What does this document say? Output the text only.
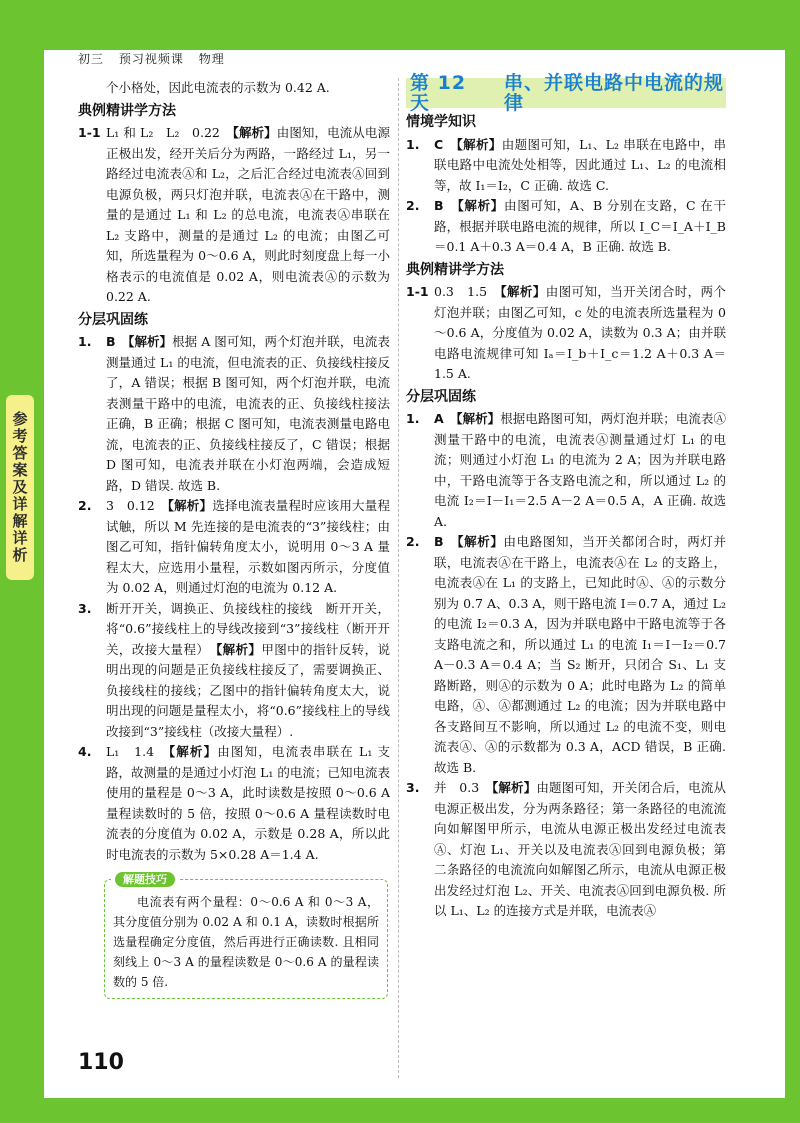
初三 预习视频课 物理
参考答案及详解详析

个小格处，因此电流表的示数为 0.42 A.

典例精讲学方法
1-1 L₁ 和 L₂　L₂　0.22　 【解析】由图知，电流从电源正极出发，经开关后分为两路，一路经过 L₁，另一路经过电流表Ⓐ和 L₂，之后汇合经过电流表Ⓐ回到电源负极，两只灯泡并联，电流表Ⓐ在干路中，测量的是通过 L₁ 和 L₂ 的总电流，电流表Ⓐ串联在 L₂ 支路中，测量的是通过 L₂ 的电流；由图乙可知，所选量程为 0～0.6 A，则此时刻度盘上每一小格表示的电流值是 0.02 A，则电流表Ⓐ的示数为 0.22 A.
分层巩固练
1.	B　 【解析】根据 A 图可知，两个灯泡并联，电流表测量通过 L₁ 的电流，但电流表的正、负接线柱接反了，A 错误；根据 B 图可知，两个灯泡并联，电流表测量干路中的电流，电流表的正、负接线柱接法正确，B 正确；根据 C 图可知，电流表测量电路电流，电流表的正、负接线柱接反了，C 错误；根据 D 图可知，电流表并联在小灯泡两端，会造成短路，D 错误. 故选 B.
2.	3　0.12　 【解析】选择电流表量程时应该用大量程试触，所以 M 先连接的是电流表的“3”接线柱；由图乙可知，指针偏转角度太小，说明用 0～3 A 量程太大，应选用小量程，示数如图丙所示，分度值为 0.02 A，则通过灯泡的电流为 0.12 A.
3.	断开开关，调换正、负接线柱的接线　断开开关，将“0.6”接线柱上的导线改接到“3”接线柱（断开开关，改接大量程）　 【解析】甲图中的指针反转，说明出现的问题是正负接线柱接反了，需要调换正、负接线柱的接线；乙图中的指针偏转角度太大，说明出现的问题是量程太小，将“0.6”接线柱上的导线改接到“3”接线柱（改接大量程）.
4.	L₁　1.4　 【解析】由图知，电流表串联在 L₁ 支路，故测量的是通过小灯泡 L₁ 的电流；已知电流表使用的量程是 0～3 A，此时读数是按照 0～0.6 A 量程读数时的 5 倍，按照 0～0.6 A 量程读数时电流表的分度值为 0.02 A，示数是 0.28 A，所以此时电流表的示数为 5×0.28 A＝1.4 A.
解题技巧
电流表有两个量程：0～0.6 A 和 0～3 A，其分度值分别为 0.02 A 和 0.1 A，读数时根据所选量程确定分度值，然后再进行正确读数. 且相同刻线上 0～3 A 的量程读数是 0～0.6 A 的量程读数的 5 倍.
第 12 天
串、并联电路中电流的规律
情境学知识
1.	C　 【解析】由题图可知，L₁、L₂ 串联在电路中，串联电路中电流处处相等，因此通过 L₁、L₂ 的电流相等，故 I₁＝I₂，C 正确. 故选 C.
2.	B　 【解析】由图可知，A、B 分别在支路，C 在干路，根据并联电路电流的规律，所以 I_C＝I_A＋I_B＝0.1 A＋0.3 A＝0.4 A，B 正确. 故选 B.
典例精讲学方法
1-1 0.3　1.5　 【解析】由图可知，当开关闭合时，两个灯泡并联；由图乙可知，c 处的电流表所选量程为 0～0.6 A，分度值为 0.02 A，读数为 0.3 A；由并联电路电流规律可知 Iₐ＝I_b＋I_c＝1.2 A＋0.3 A＝1.5 A.
分层巩固练
1.	A　 【解析】根据电路图可知，两灯泡并联；电流表Ⓐ测量干路中的电流，电流表Ⓐ测量通过灯 L₁ 的电流；则通过小灯泡 L₁ 的电流为 2 A；因为并联电路中，干路电流等于各支路电流之和，所以通过 L₂ 的电流 I₂＝I－I₁＝2.5 A－2 A＝0.5 A，A 正确. 故选 A.
2.	B　 【解析】由电路图知，当开关都闭合时，两灯并联，电流表Ⓐ在干路上，电流表Ⓐ在 L₂ 的支路上，电流表Ⓐ在 L₁ 的支路上，已知此时Ⓐ、Ⓐ的示数分别为 0.7 A、0.3 A，则干路电流 I＝0.7 A，通过 L₂ 的电流 I₂＝0.3 A，因为并联电路中干路电流等于各支路电流之和，所以通过 L₁ 的电流 I₁＝I－I₂＝0.7 A－0.3 A＝0.4 A；当 S₂ 断开，只闭合 S₁、L₁ 支路断路，则Ⓐ的示数为 0 A；此时电路为 L₂ 的简单电路，Ⓐ、Ⓐ都测通过 L₂ 的电流；因为并联电路中各支路间互不影响，所以通过 L₂ 的电流不变，则电流表Ⓐ、Ⓐ的示数都为 0.3 A，ACD 错误，B 正确. 故选 B.
3.	并　0.3　 【解析】由题图可知，开关闭合后，电流从电源正极出发，分为两条路径；第一条路径的电流流向如解图甲所示，电流从电源正极出发经过电流表Ⓐ、灯泡 L₁、开关以及电流表Ⓐ回到电源负极；第二条路径的电流流向如解图乙所示，电流从电源正极出发经过灯泡 L₂、开关、电流表Ⓐ回到电源负极. 所以 L₁、L₂ 的连接方式是并联，电流表Ⓐ
110
